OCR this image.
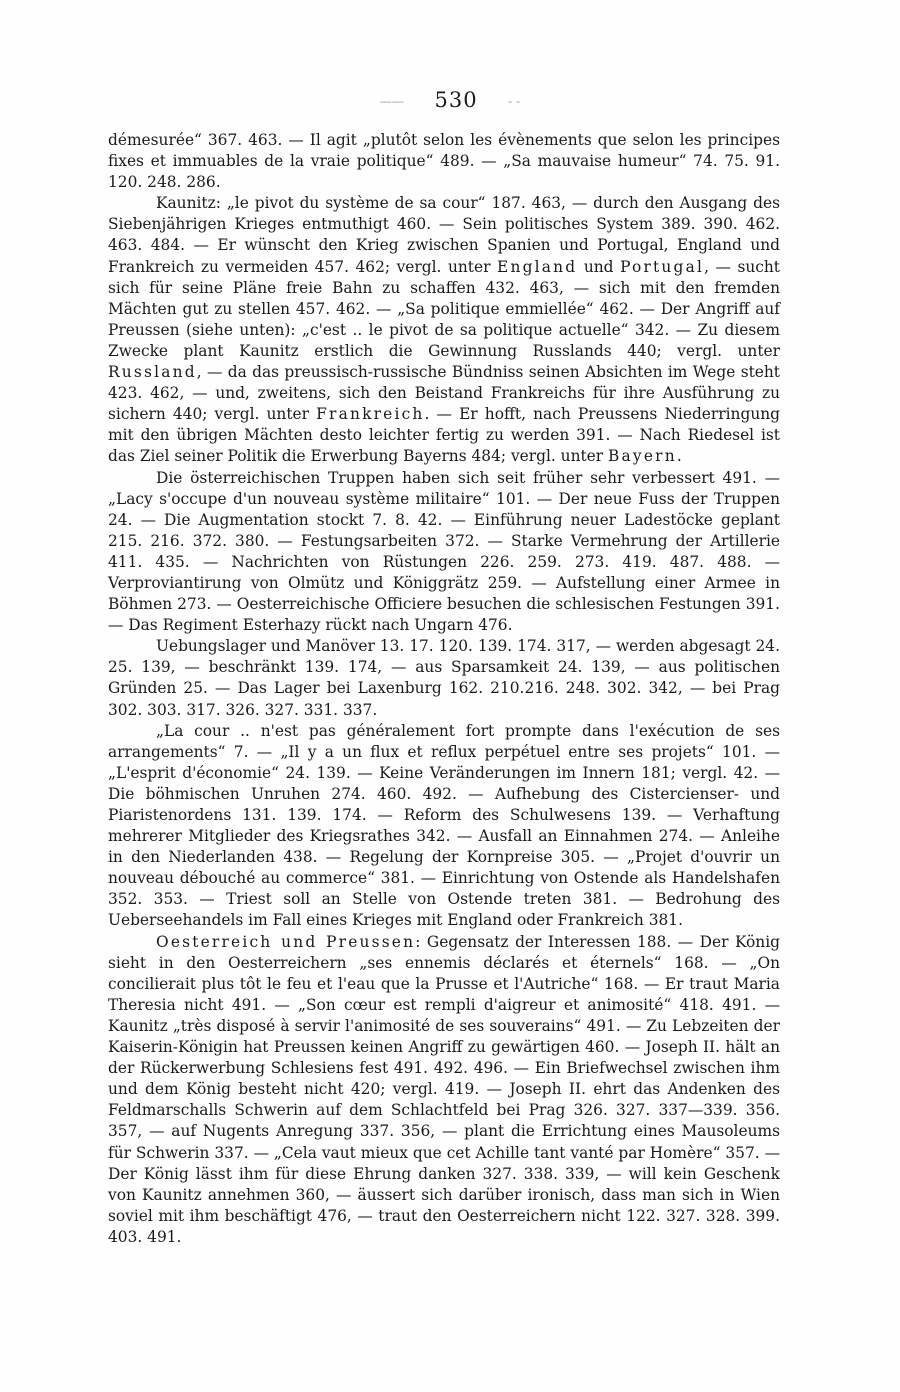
—— 530	- -

démesurée“ 367. 463. — Il agit „plutôt selon les évènements que selon les principes fixes et immuables de la vraie politique“ 489. — „Sa mauvaise humeur“ 74. 75. 91. 120. 248. 286.

Kaunitz: „le pivot du système de sa cour“ 187. 463, — durch den Ausgang des Siebenjährigen Krieges entmuthigt 460. — Sein politisches System 389. 390. 462. 463. 484. — Er wünscht den Krieg zwischen Spanien und Portugal, England und Frankreich zu vermeiden 457. 462; vergl. unter England und Portugal, — sucht sich für seine Pläne freie Bahn zu schaffen 432. 463, — sich mit den fremden Mächten gut zu stellen 457. 462. — „Sa politique emmiellée“ 462. — Der Angriff auf Preussen (siehe unten): „c'est .. le pivot de sa politique actuelle“ 342. — Zu diesem Zwecke plant Kaunitz erstlich die Gewinnung Russlands 440; vergl. unter Russland, — da das preussisch-russische Bündniss seinen Absichten im Wege steht 423. 462, — und, zweitens, sich den Beistand Frankreichs für ihre Ausführung zu sichern 440; vergl. unter Frankreich. — Er hofft, nach Preussens Niederringung mit den übrigen Mächten desto leichter fertig zu werden 391. — Nach Riedesel ist das Ziel seiner Politik die Erwerbung Bayerns 484; vergl. unter Bayern.

Die österreichischen Truppen haben sich seit früher sehr verbessert 491. — „Lacy s'occupe d'un nouveau système militaire“ 101. — Der neue Fuss der Truppen 24. — Die Augmentation stockt 7. 8. 42. — Einführung neuer Ladestöcke geplant 215. 216. 372. 380. — Festungsarbeiten 372. — Starke Vermehrung der Artillerie 411. 435. — Nachrichten von Rüstungen 226. 259. 273. 419. 487. 488. — Verproviantirung von Olmütz und Königgrätz 259. — Aufstellung einer Armee in Böhmen 273. — Oesterreichische Officiere besuchen die schlesischen Festungen 391. — Das Regiment Esterhazy rückt nach Ungarn 476.

Uebungslager und Manöver 13. 17. 120. 139. 174. 317, — werden abgesagt 24. 25. 139, — beschränkt 139. 174, — aus Sparsamkeit 24. 139, — aus politischen Gründen 25. — Das Lager bei Laxenburg 162. 210.216. 248. 302. 342, — bei Prag 302. 303. 317. 326. 327. 331. 337.

„La cour .. n'est pas généralement fort prompte dans l'exécution de ses arrangements“ 7. — „Il y a un flux et reflux perpétuel entre ses projets“ 101. — „L'esprit d'économie“ 24. 139. — Keine Veränderungen im Innern 181; vergl. 42. — Die böhmischen Unruhen 274. 460. 492. — Aufhebung des Cistercienser- und Piaristenordens 131. 139. 174. — Reform des Schulwesens 139. — Verhaftung mehrerer Mitglieder des Kriegsrathes 342. — Ausfall an Einnahmen 274. — Anleihe in den Niederlanden 438. — Regelung der Kornpreise 305. — „Projet d'ouvrir un nouveau débouché au commerce“ 381. — Einrichtung von Ostende als Handelshafen 352. 353. — Triest soll an Stelle von Ostende treten 381. — Bedrohung des Ueberseehandels im Fall eines Krieges mit England oder Frankreich 381.

Oesterreich und Preussen: Gegensatz der Interessen 188. — Der König sieht in den Oesterreichern „ses ennemis déclarés et éternels“ 168. — „On concilierait plus tôt le feu et l'eau que la Prusse et l'Autriche“ 168. — Er traut Maria Theresia nicht 491. — „Son cœur est rempli d'aigreur et animosité“ 418. 491. — Kaunitz „très disposé à servir l'animosité de ses souverains“ 491. — Zu Lebzeiten der Kaiserin-Königin hat Preussen keinen Angriff zu gewärtigen 460. — Joseph II. hält an der Rückerwerbung Schlesiens fest 491. 492. 496. — Ein Briefwechsel zwischen ihm und dem König besteht nicht 420; vergl. 419. — Joseph II. ehrt das Andenken des Feldmarschalls Schwerin auf dem Schlachtfeld bei Prag 326. 327. 337—339. 356. 357, — auf Nugents Anregung 337. 356, — plant die Errichtung eines Mausoleums für Schwerin 337. — „Cela vaut mieux que cet Achille tant vanté par Homère“ 357. — Der König lässt ihm für diese Ehrung danken 327. 338. 339, — will kein Geschenk von Kaunitz annehmen 360, — äussert sich darüber ironisch, dass man sich in Wien soviel mit ihm beschäftigt 476, — traut den Oesterreichern nicht 122. 327. 328. 399. 403. 491.
